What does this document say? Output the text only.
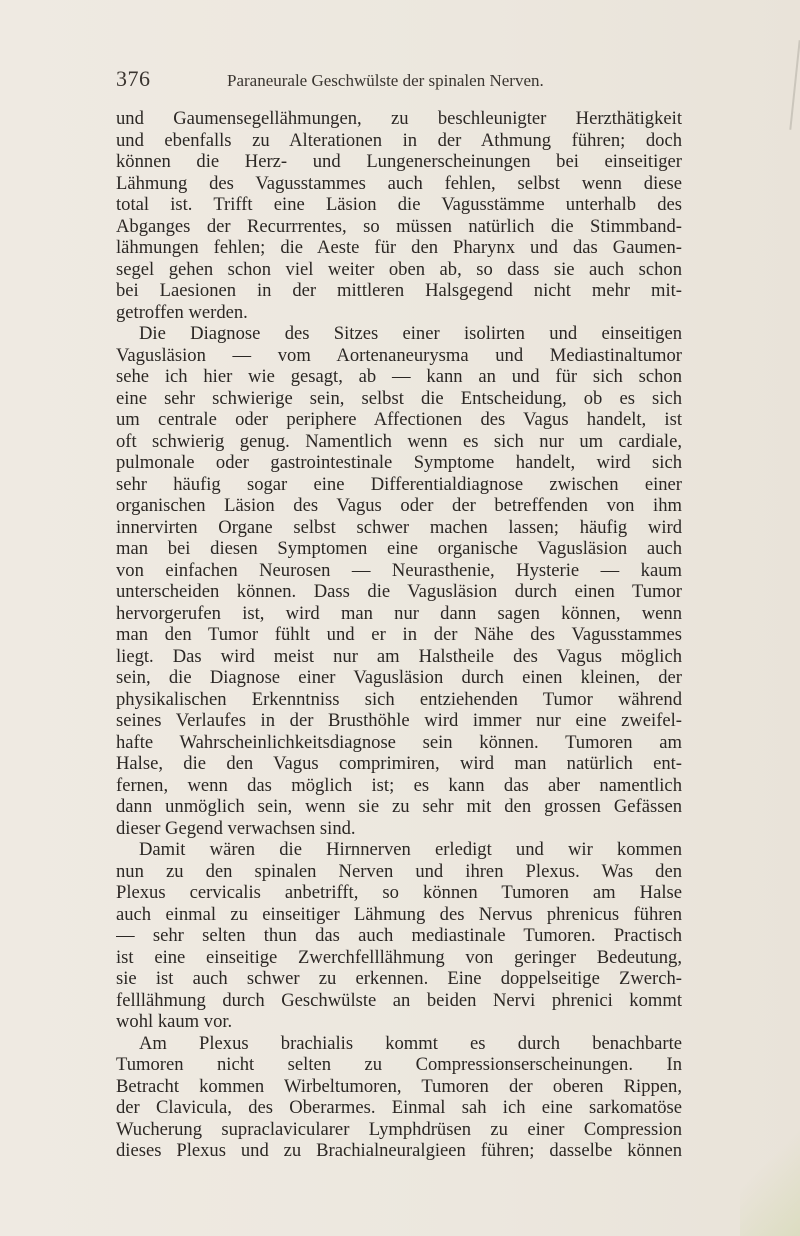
376	Paraneurale Geschwülste der spinalen Nerven.
und Gaumensegellähmungen, zu beschleunigter Herzthätigkeit
und ebenfalls zu Alterationen in der Athmung führen; doch
können die Herz- und Lungenerscheinungen bei einseitiger
Lähmung des Vagusstammes auch fehlen, selbst wenn diese
total ist. Trifft eine Läsion die Vagusstämme unterhalb des
Abganges der Recurrrentes, so müssen natürlich die Stimmband-
lähmungen fehlen; die Aeste für den Pharynx und das Gaumen-
segel gehen schon viel weiter oben ab, so dass sie auch schon
bei Laesionen in der mittleren Halsgegend nicht mehr mit-
getroffen werden.
Die Diagnose des Sitzes einer isolirten und einseitigen
Vagusläsion — vom Aortenaneurysma und Mediastinaltumor
sehe ich hier wie gesagt, ab — kann an und für sich schon
eine sehr schwierige sein, selbst die Entscheidung, ob es sich
um centrale oder periphere Affectionen des Vagus handelt, ist
oft schwierig genug. Namentlich wenn es sich nur um cardiale,
pulmonale oder gastrointestinale Symptome handelt, wird sich
sehr häufig sogar eine Differentialdiagnose zwischen einer
organischen Läsion des Vagus oder der betreffenden von ihm
innervirten Organe selbst schwer machen lassen; häufig wird
man bei diesen Symptomen eine organische Vagusläsion auch
von einfachen Neurosen — Neurasthenie, Hysterie — kaum
unterscheiden können. Dass die Vagusläsion durch einen Tumor
hervorgerufen ist, wird man nur dann sagen können, wenn
man den Tumor fühlt und er in der Nähe des Vagusstammes
liegt. Das wird meist nur am Halstheile des Vagus möglich
sein, die Diagnose einer Vagusläsion durch einen kleinen, der
physikalischen Erkenntniss sich entziehenden Tumor während
seines Verlaufes in der Brusthöhle wird immer nur eine zweifel-
hafte Wahrscheinlichkeitsdiagnose sein können. Tumoren am
Halse, die den Vagus comprimiren, wird man natürlich ent-
fernen, wenn das möglich ist; es kann das aber namentlich
dann unmöglich sein, wenn sie zu sehr mit den grossen Gefässen
dieser Gegend verwachsen sind.
Damit wären die Hirnnerven erledigt und wir kommen
nun zu den spinalen Nerven und ihren Plexus. Was den
Plexus cervicalis anbetrifft, so können Tumoren am Halse
auch einmal zu einseitiger Lähmung des Nervus phrenicus führen
— sehr selten thun das auch mediastinale Tumoren. Practisch
ist eine einseitige Zwerchfelllähmung von geringer Bedeutung,
sie ist auch schwer zu erkennen. Eine doppelseitige Zwerch-
felllähmung durch Geschwülste an beiden Nervi phrenici kommt
wohl kaum vor.
Am Plexus brachialis kommt es durch benachbarte
Tumoren nicht selten zu Compressionserscheinungen. In
Betracht kommen Wirbeltumoren, Tumoren der oberen Rippen,
der Clavicula, des Oberarmes. Einmal sah ich eine sarkomatöse
Wucherung supraclavicularer Lymphdrüsen zu einer Compression
dieses Plexus und zu Brachialneuralgieen führen; dasselbe können
